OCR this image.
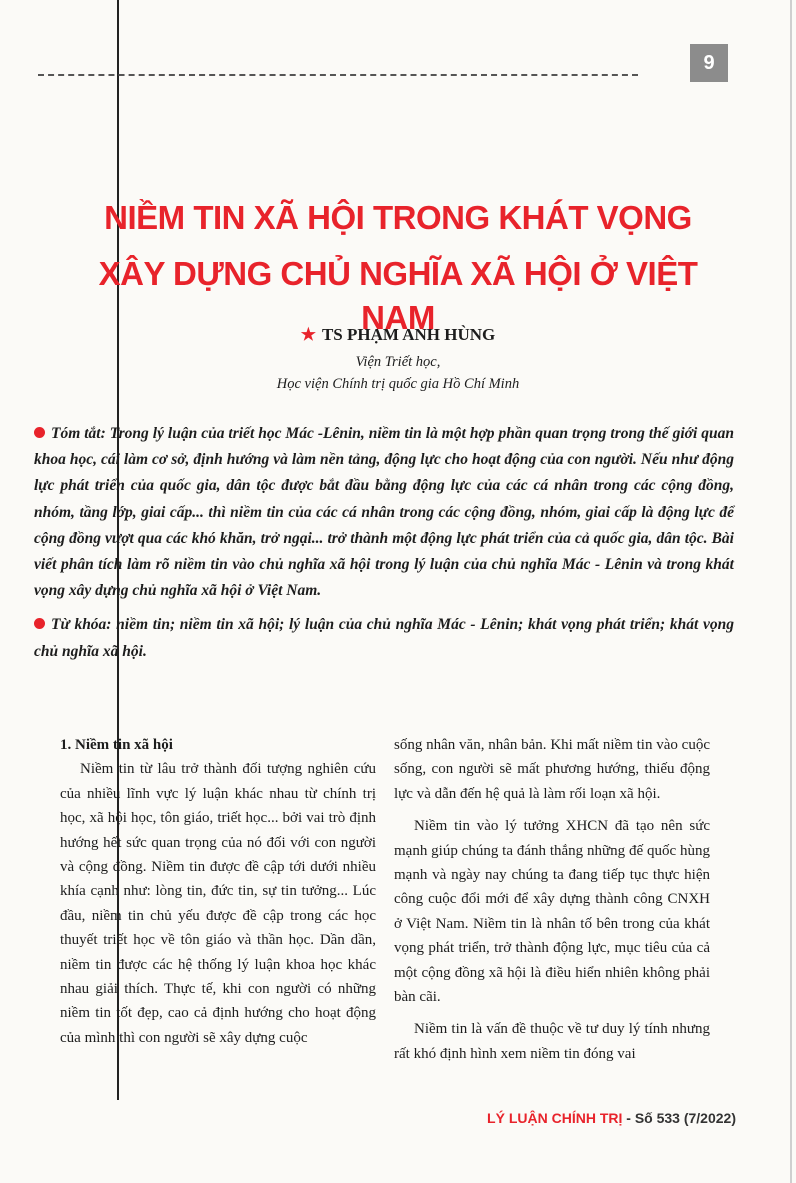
9
NIỀM TIN XÃ HỘI TRONG KHÁT VỌNG
XÂY DỰNG CHỦ NGHĨA XÃ HỘI Ở VIỆT NAM
★ TS PHẠM ANH HÙNG
Viện Triết học,
Học viện Chính trị quốc gia Hồ Chí Minh

Tóm tắt: Trong lý luận của triết học Mác -Lênin, niềm tin là một hợp phần quan trọng trong thế giới quan khoa học, cái làm cơ sở, định hướng và làm nền tảng, động lực cho hoạt động của con người. Nếu như động lực phát triển của quốc gia, dân tộc được bắt đầu bằng động lực của các cá nhân trong các cộng đồng, nhóm, tầng lớp, giai cấp... thì niềm tin của các cá nhân trong các cộng đồng, nhóm, giai cấp là động lực để cộng đồng vượt qua các khó khăn, trở ngại... trở thành một động lực phát triển của cả quốc gia, dân tộc. Bài viết phân tích làm rõ niềm tin vào chủ nghĩa xã hội trong lý luận của chủ nghĩa Mác - Lênin và trong khát vọng xây dựng chủ nghĩa xã hội ở Việt Nam.

Từ khóa: niềm tin; niềm tin xã hội; lý luận của chủ nghĩa Mác - Lênin; khát vọng phát triển; khát vọng chủ nghĩa xã hội.

1. Niềm tin xã hội

Niềm tin từ lâu trở thành đối tượng nghiên cứu của nhiều lĩnh vực lý luận khác nhau từ chính trị học, xã hội học, tôn giáo, triết học... bởi vai trò định hướng hết sức quan trọng của nó đối với con người và cộng đồng. Niềm tin được đề cập tới dưới nhiều khía cạnh như: lòng tin, đức tin, sự tin tưởng... Lúc đầu, niềm tin chủ yếu được đề cập trong các học thuyết triết học về tôn giáo và thần học. Dần dần, niềm tin được các hệ thống lý luận khoa học khác nhau giải thích. Thực tế, khi con người có những niềm tin tốt đẹp, cao cả định hướng cho hoạt động của mình thì con người sẽ xây dựng cuộc

sống nhân văn, nhân bản. Khi mất niềm tin vào cuộc sống, con người sẽ mất phương hướng, thiếu động lực và dẫn đến hệ quả là làm rối loạn xã hội.

Niềm tin vào lý tưởng XHCN đã tạo nên sức mạnh giúp chúng ta đánh thắng những đế quốc hùng mạnh và ngày nay chúng ta đang tiếp tục thực hiện công cuộc đổi mới để xây dựng thành công CNXH ở Việt Nam. Niềm tin là nhân tố bên trong của khát vọng phát triển, trở thành động lực, mục tiêu của cả một cộng đồng xã hội là điều hiển nhiên không phải bàn cãi.

Niềm tin là vấn đề thuộc về tư duy lý tính nhưng rất khó định hình xem niềm tin đóng vai

LÝ LUẬN CHÍNH TRỊ - Số 533 (7/2022)
